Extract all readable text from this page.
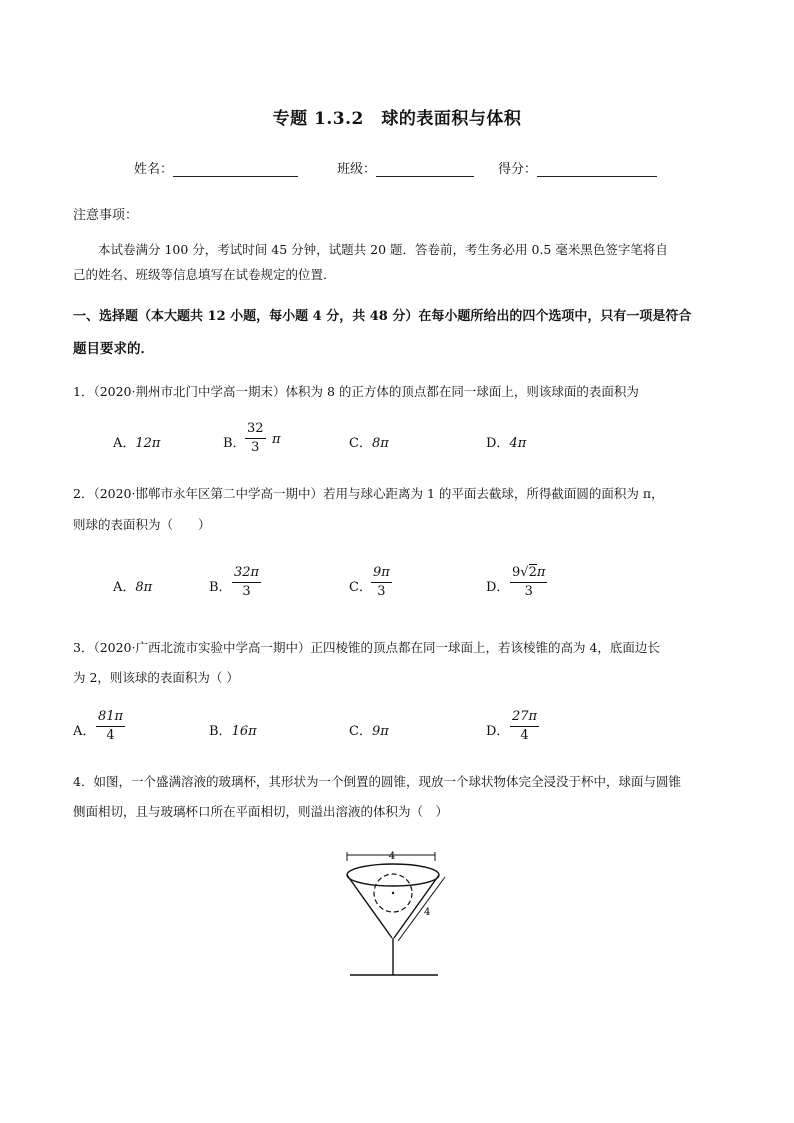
专题 1.3.2　球的表面积与体积
姓名：	班级：	得分：
注意事项：
本试卷满分 100 分，考试时间 45 分钟，试题共 20 题．答卷前，考生务必用 0.5 毫米黑色签字笔将自
己的姓名、班级等信息填写在试卷规定的位置．
一、选择题（本大题共 12 小题，每小题 4 分，共 48 分）在每小题所给出的四个选项中，只有一项是符合
题目要求的．
1．（2020·荆州市北门中学高一期末）体积为 8 的正方体的顶点都在同一球面上，则该球面的表面积为
A．12π	B．
32
3
π	C．8π	D．4π
2．（2020·邯郸市永年区第二中学高一期中）若用与球心距离为 1 的平面去截球，所得截面圆的面积为 π，
则球的表面积为（　　）
A．8π	B．
32π
3	C．
9π
3	D．
9√2π
3
3．（2020·广西北流市实验中学高一期中）正四棱锥的顶点都在同一球面上，若该棱锥的高为 4，底面边长
为 2，则该球的表面积为（ ）
A．
81π
4	B．16π	C．9π	D．
27π
4
4．如图，一个盛满溶液的玻璃杯，其形状为一个倒置的圆锥，现放一个球状物体完全浸没于杯中，球面与圆锥
侧面相切，且与玻璃杯口所在平面相切，则溢出溶液的体积为（　）
4
4
